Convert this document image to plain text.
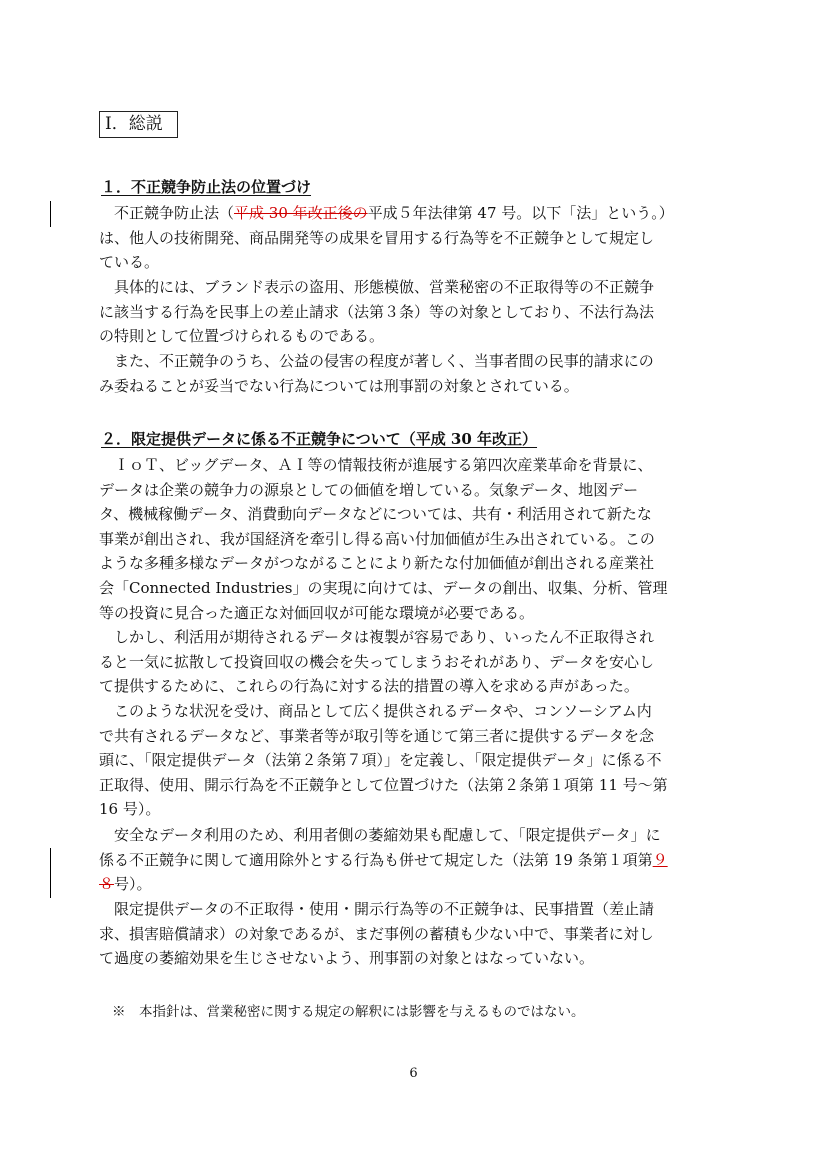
Ⅰ．総説
１．不正競争防止法の位置づけ
不正競争防止法（平成 30 年改正後の平成５年法律第 47 号。以下「法」という。）
は、他人の技術開発、商品開発等の成果を冒用する行為等を不正競争として規定し
ている。
具体的には、ブランド表示の盗用、形態模倣、営業秘密の不正取得等の不正競争
に該当する行為を民事上の差止請求（法第３条）等の対象としており、不法行為法
の特則として位置づけられるものである。
また、不正競争のうち、公益の侵害の程度が著しく、当事者間の民事的請求にの
み委ねることが妥当でない行為については刑事罰の対象とされている。
２．限定提供データに係る不正競争について（平成 30 年改正）
ＩｏＴ、ビッグデータ、ＡＩ等の情報技術が進展する第四次産業革命を背景に、
データは企業の競争力の源泉としての価値を増している。気象データ、地図デー
タ、機械稼働データ、消費動向データなどについては、共有・利活用されて新たな
事業が創出され、我が国経済を牽引し得る高い付加価値が生み出されている。この
ような多種多様なデータがつながることにより新たな付加価値が創出される産業社
会「Connected Industries」の実現に向けては、データの創出、収集、分析、管理
等の投資に見合った適正な対価回収が可能な環境が必要である。
しかし、利活用が期待されるデータは複製が容易であり、いったん不正取得され
ると一気に拡散して投資回収の機会を失ってしまうおそれがあり、データを安心し
て提供するために、これらの行為に対する法的措置の導入を求める声があった。
このような状況を受け、商品として広く提供されるデータや、コンソーシアム内
で共有されるデータなど、事業者等が取引等を通じて第三者に提供するデータを念
頭に、「限定提供データ（法第２条第７項）」を定義し、「限定提供データ」に係る不
正取得、使用、開示行為を不正競争として位置づけた（法第２条第１項第 11 号～第
16 号）。
安全なデータ利用のため、利用者側の萎縮効果も配慮して、「限定提供データ」に
係る不正競争に関して適用除外とする行為も併せて規定した（法第 19 条第１項第９
８号）。
限定提供データの不正取得・使用・開示行為等の不正競争は、民事措置（差止請
求、損害賠償請求）の対象であるが、まだ事例の蓄積も少ない中で、事業者に対し
て過度の萎縮効果を生じさせないよう、刑事罰の対象とはなっていない。
※　本指針は、営業秘密に関する規定の解釈には影響を与えるものではない。
6
